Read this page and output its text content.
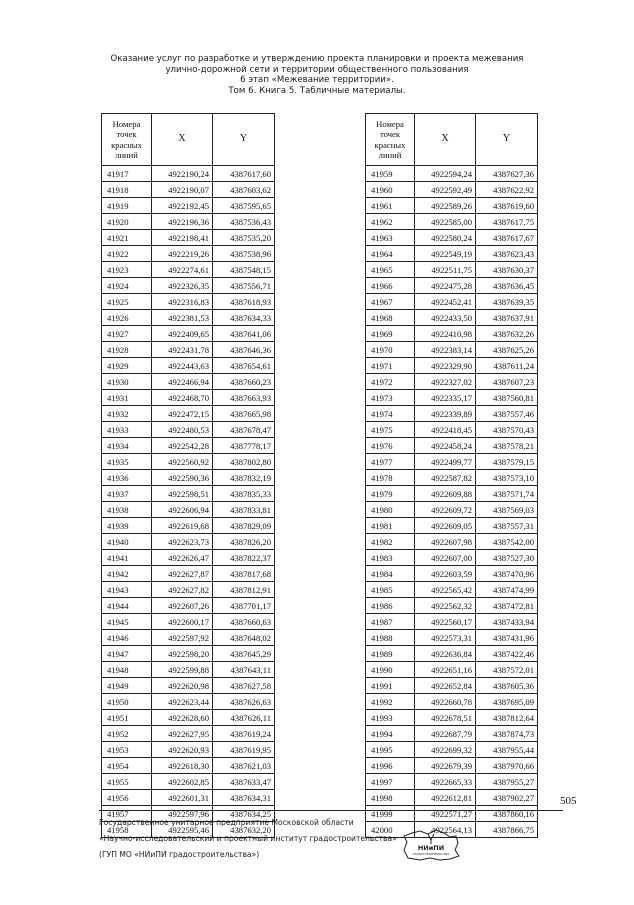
Оказание услуг по разработке и утверждению проекта планировки и проекта межевания
улично-дорожной сети и территории общественного пользования
6 этап «Межевание территории».
Том 6. Книга 5. Табличные материалы.
Номера
точек
красных
линий	X	Y
41917	4922190,24	4387617,60
41918	4922190,07	4387603,62
41919	4922192,45	4387595,65
41920	4922196,36	4387536,43
41921	4922198,41	4387535,20
41922	4922219,26	4387538,96
41923	4922274,61	4387548,15
41924	4922326,35	4387556,71
41925	4922316,83	4387618,93
41926	4922381,53	4387634,33
41927	4922409,65	4387641,06
41928	4922431,78	4387646,36
41929	4922443,63	4387654,61
41930	4922466,94	4387660,23
41931	4922468,70	4387663,93
41932	4922472,15	4387665,98
41933	4922480,53	4387678,47
41934	4922542,28	4387778,17
41935	4922560,92	4387802,80
41936	4922590,36	4387832,19
41937	4922598,51	4387835,33
41938	4922606,94	4387833,81
41939	4922619,68	4387829,09
41940	4922623,73	4387826,20
41941	4922626,47	4387822,37
41942	4922627,87	4387817,68
41943	4922627,82	4387812,91
41944	4922607,26	4387701,17
41945	4922600,17	4387660,63
41946	4922597,92	4387648,02
41947	4922598,20	4387645,29
41948	4922599,88	4387643,11
41949	4922620,98	4387627,58
41950	4922623,44	4387626,63
41951	4922628,60	4387626,11
41952	4922627,95	4387619,24
41953	4922620,93	4387619,95
41954	4922618,30	4387621,03
41955	4922602,85	4387633,47
41956	4922601,31	4387634,31
41957	4922597,96	4387634,25
41958	4922595,46	4387632,20
Номера
точек
красных
линий	X	Y
41959	4922594,24	4387627,36
41960	4922592,49	4387622,92
41961	4922589,26	4387619,60
41962	4922585,00	4387617,75
41963	4922580,24	4387617,67
41964	4922549,19	4387623,43
41965	4922511,75	4387630,37
41966	4922475,28	4387636,45
41967	4922452,41	4387639,35
41968	4922433,50	4387637,91
41969	4922410,98	4387632,26
41970	4922383,14	4387625,26
41971	4922329,90	4387611,24
41972	4922327,02	4387607,23
41973	4922335,17	4387560,81
41974	4922339,89	4387557,46
41975	4922418,45	4387570,43
41976	4922458,24	4387578,21
41977	4922499,77	4387579,15
41978	4922587,82	4387573,10
41979	4922609,88	4387571,74
41980	4922609,72	4387569,03
41981	4922609,05	4387557,31
41982	4922607,98	4387542,00
41983	4922607,00	4387527,30
41984	4922603,59	4387470,96
41985	4922565,42	4387474,99
41986	4922562,32	4387472,81
41987	4922560,17	4387433,94
41988	4922573,31	4387431,96
41989	4922636,84	4387422,46
41990	4922651,16	4387572,01
41991	4922652,84	4387605,36
41992	4922660,78	4387695,09
41993	4922678,51	4387812,64
41994	4922687,79	4387874,73
41995	4922699,32	4387955,44
41996	4922679,39	4387970,66
41997	4922665,33	4387955,27
41998	4922612,81	4387902,27
41999	4922571,27	4387860,16
42000	4922564,13	4387866,75
505
Государственное унитарное предприятие Московской области
«Научно-исследовательский и проектный институт градостроительства»
(ГУП МО «НИиПИ градостроительства»)
НИиПИ
ГРАДОСТРОИТЕЛЬСТВА
